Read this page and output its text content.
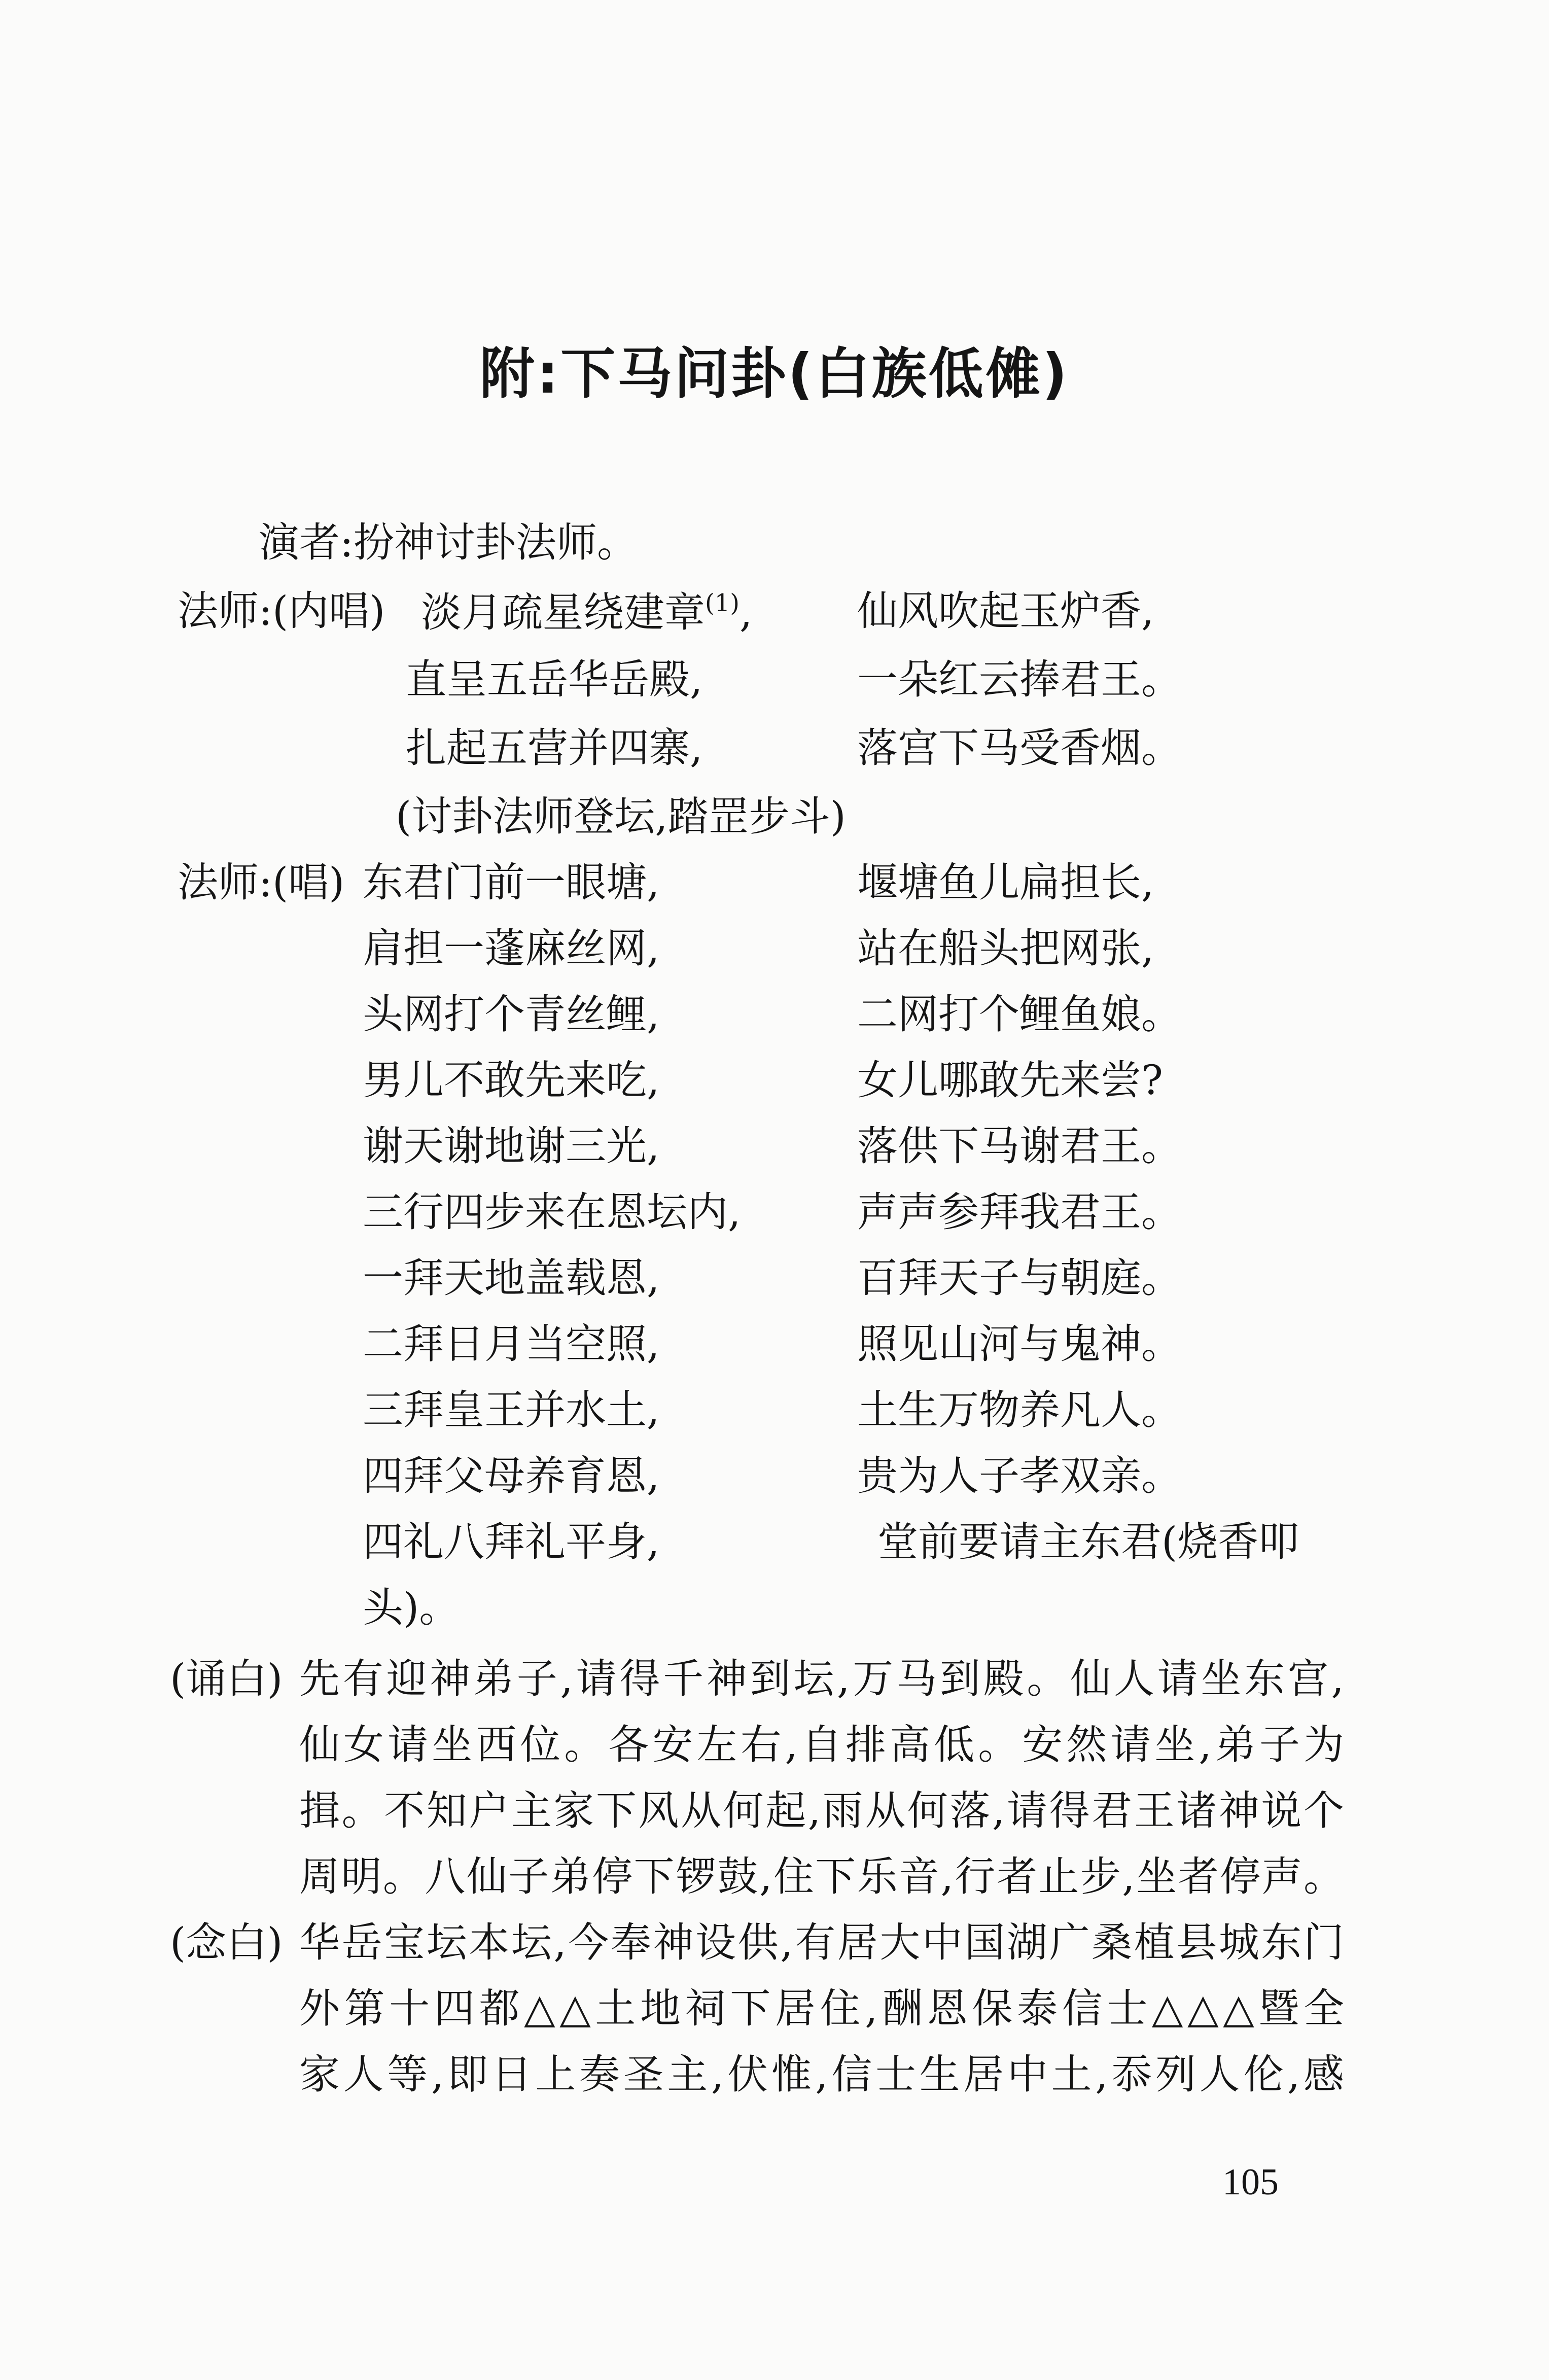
附:下马问卦(白族低傩)
演者:扮神讨卦法师。
法师:(内唱) 淡月疏星绕建章$^{(1)}$,	仙风吹起玉炉香,
直呈五岳华岳殿,	一朵红云捧君王。
扎起五营并四寨,	落宫下马受香烟。
(讨卦法师登坛,踏罡步斗)
法师:(唱) 东君门前一眼塘,	堰塘鱼儿扁担长,
肩担一蓬麻丝网,	站在船头把网张,
头网打个青丝鲤,	二网打个鲤鱼娘。
男儿不敢先来吃,	女儿哪敢先来尝?
谢天谢地谢三光,	落供下马谢君王。
三行四步来在恩坛内,	声声参拜我君王。
一拜天地盖载恩,	百拜天子与朝庭。
二拜日月当空照,	照见山河与鬼神。
三拜皇王并水土,	土生万物养凡人。
四拜父母养育恩,	贵为人子孝双亲。
四礼八拜礼平身,	堂前要请主东君(烧香叩
头)。
(诵白) 先有迎神弟子,请得千神到坛,万马到殿。仙人请坐东宫,
仙女请坐西位。各安左右,自排高低。安然请坐,弟子为
揖。不知户主家下风从何起,雨从何落,请得君王诸神说个
周明。八仙子弟停下锣鼓,住下乐音,行者止步,坐者停声。
(念白) 华岳宝坛本坛,今奉神设供,有居大中国湖广桑植县城东门
外第十四都△△土地祠下居住,酬恩保泰信士△△△暨全
家人等,即日上奏圣主,伏惟,信士生居中土,忝列人伦,感
105
